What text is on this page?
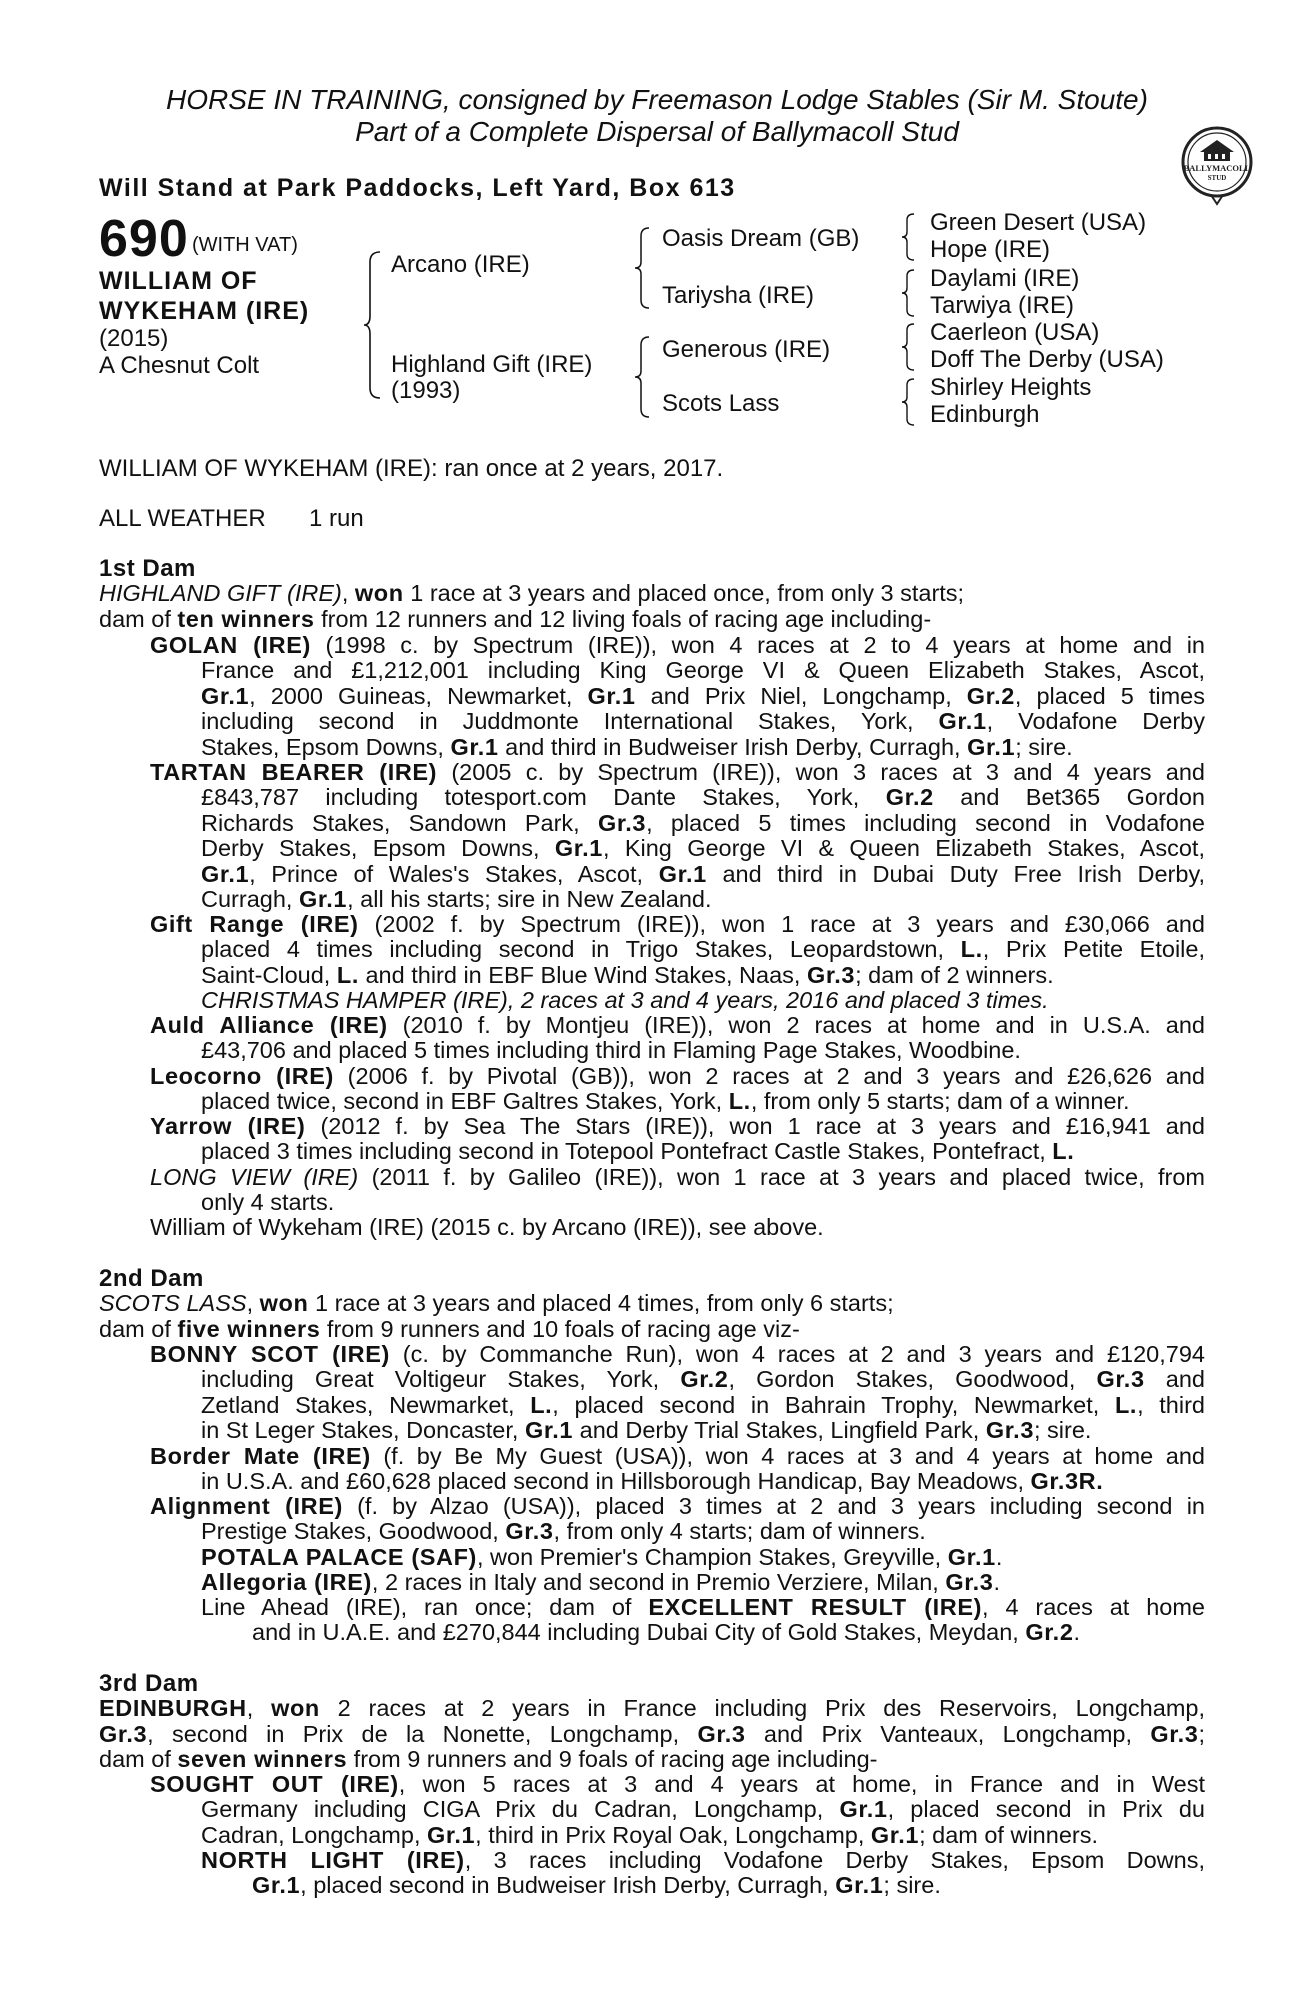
HORSE IN TRAINING, consigned by Freemason Lodge Stables (Sir M. Stoute)
Part of a Complete Dispersal of Ballymacoll Stud
BALLYMACOLL
STUD
Will Stand at Park Paddocks, Left Yard, Box 613
690 (WITH VAT)
WILLIAM OF
WYKEHAM (IRE)
(2015)
A Chesnut Colt
Arcano (IRE)
Highland Gift (IRE)
(1993)
Oasis Dream (GB)
Tariysha (IRE)
Generous (IRE)
Scots Lass
Green Desert (USA)
Hope (IRE)
Daylami (IRE)
Tarwiya (IRE)
Caerleon (USA)
Doff The Derby (USA)
Shirley Heights
Edinburgh
WILLIAM OF WYKEHAM (IRE): ran once at 2 years, 2017.
ALL WEATHER 1 run
1st Dam
HIGHLAND GIFT (IRE), won 1 race at 3 years and placed once, from only 3 starts;
dam of ten winners from 12 runners and 12 living foals of racing age including-
GOLAN (IRE) (1998 c. by Spectrum (IRE)), won 4 races at 2 to 4 years at home and in
France and £1,212,001 including King George VI & Queen Elizabeth Stakes, Ascot,
Gr.1, 2000 Guineas, Newmarket, Gr.1 and Prix Niel, Longchamp, Gr.2, placed 5 times
including second in Juddmonte International Stakes, York, Gr.1, Vodafone Derby
Stakes, Epsom Downs, Gr.1 and third in Budweiser Irish Derby, Curragh, Gr.1; sire.
TARTAN BEARER (IRE) (2005 c. by Spectrum (IRE)), won 3 races at 3 and 4 years and
£843,787 including totesport.com Dante Stakes, York, Gr.2 and Bet365 Gordon
Richards Stakes, Sandown Park, Gr.3, placed 5 times including second in Vodafone
Derby Stakes, Epsom Downs, Gr.1, King George VI & Queen Elizabeth Stakes, Ascot,
Gr.1, Prince of Wales's Stakes, Ascot, Gr.1 and third in Dubai Duty Free Irish Derby,
Curragh, Gr.1, all his starts; sire in New Zealand.
Gift Range (IRE) (2002 f. by Spectrum (IRE)), won 1 race at 3 years and £30,066 and
placed 4 times including second in Trigo Stakes, Leopardstown, L., Prix Petite Etoile,
Saint-Cloud, L. and third in EBF Blue Wind Stakes, Naas, Gr.3; dam of 2 winners.
CHRISTMAS HAMPER (IRE), 2 races at 3 and 4 years, 2016 and placed 3 times.
Auld Alliance (IRE) (2010 f. by Montjeu (IRE)), won 2 races at home and in U.S.A. and
£43,706 and placed 5 times including third in Flaming Page Stakes, Woodbine.
Leocorno (IRE) (2006 f. by Pivotal (GB)), won 2 races at 2 and 3 years and £26,626 and
placed twice, second in EBF Galtres Stakes, York, L., from only 5 starts; dam of a winner.
Yarrow (IRE) (2012 f. by Sea The Stars (IRE)), won 1 race at 3 years and £16,941 and
placed 3 times including second in Totepool Pontefract Castle Stakes, Pontefract, L.
LONG VIEW (IRE) (2011 f. by Galileo (IRE)), won 1 race at 3 years and placed twice, from
only 4 starts.
William of Wykeham (IRE) (2015 c. by Arcano (IRE)), see above.
2nd Dam
SCOTS LASS, won 1 race at 3 years and placed 4 times, from only 6 starts;
dam of five winners from 9 runners and 10 foals of racing age viz-
BONNY SCOT (IRE) (c. by Commanche Run), won 4 races at 2 and 3 years and £120,794
including Great Voltigeur Stakes, York, Gr.2, Gordon Stakes, Goodwood, Gr.3 and
Zetland Stakes, Newmarket, L., placed second in Bahrain Trophy, Newmarket, L., third
in St Leger Stakes, Doncaster, Gr.1 and Derby Trial Stakes, Lingfield Park, Gr.3; sire.
Border Mate (IRE) (f. by Be My Guest (USA)), won 4 races at 3 and 4 years at home and
in U.S.A. and £60,628 placed second in Hillsborough Handicap, Bay Meadows, Gr.3R.
Alignment (IRE) (f. by Alzao (USA)), placed 3 times at 2 and 3 years including second in
Prestige Stakes, Goodwood, Gr.3, from only 4 starts; dam of winners.
POTALA PALACE (SAF), won Premier's Champion Stakes, Greyville, Gr.1.
Allegoria (IRE), 2 races in Italy and second in Premio Verziere, Milan, Gr.3.
Line Ahead (IRE), ran once; dam of EXCELLENT RESULT (IRE), 4 races at home
and in U.A.E. and £270,844 including Dubai City of Gold Stakes, Meydan, Gr.2.
3rd Dam
EDINBURGH, won 2 races at 2 years in France including Prix des Reservoirs, Longchamp,
Gr.3, second in Prix de la Nonette, Longchamp, Gr.3 and Prix Vanteaux, Longchamp, Gr.3;
dam of seven winners from 9 runners and 9 foals of racing age including-
SOUGHT OUT (IRE), won 5 races at 3 and 4 years at home, in France and in West
Germany including CIGA Prix du Cadran, Longchamp, Gr.1, placed second in Prix du
Cadran, Longchamp, Gr.1, third in Prix Royal Oak, Longchamp, Gr.1; dam of winners.
NORTH LIGHT (IRE), 3 races including Vodafone Derby Stakes, Epsom Downs,
Gr.1, placed second in Budweiser Irish Derby, Curragh, Gr.1; sire.
